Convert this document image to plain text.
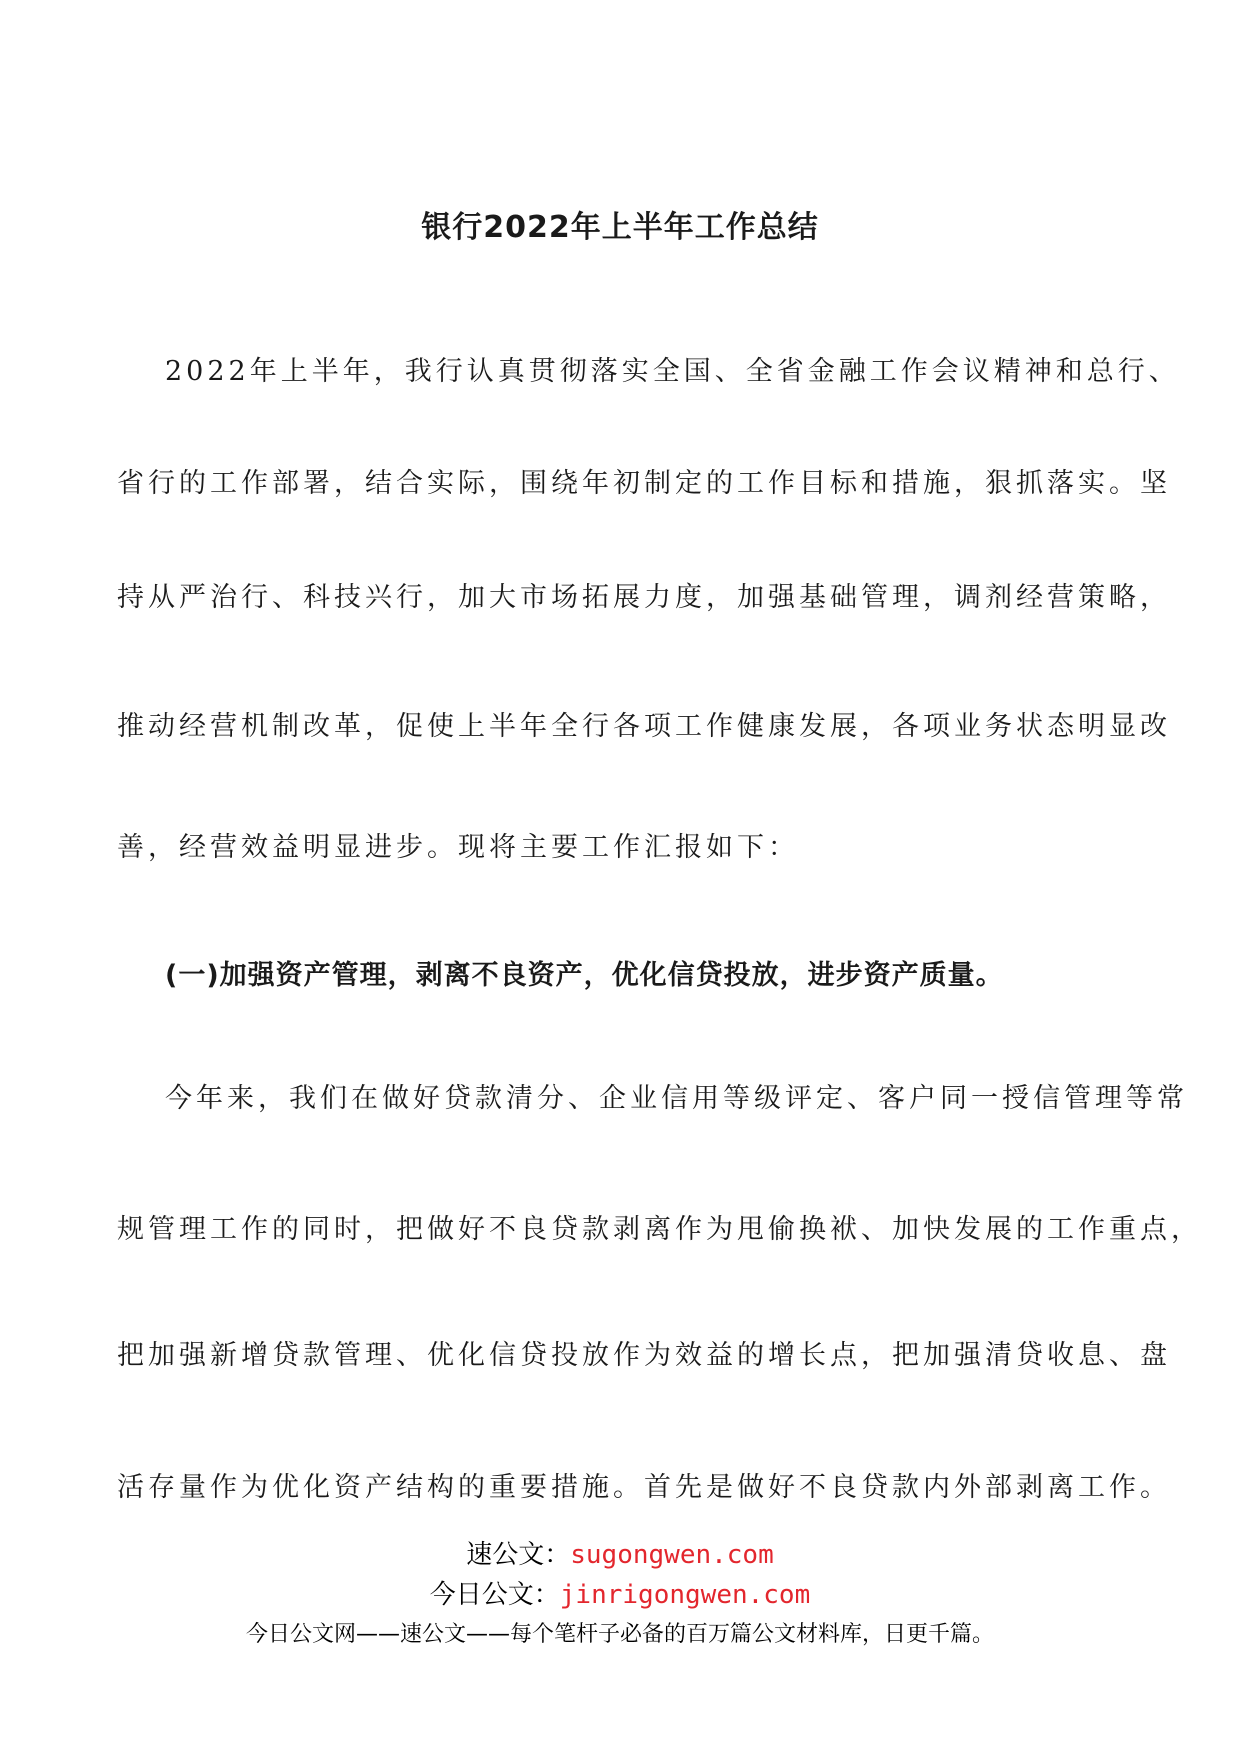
银行2022年上半年工作总结
2022年上半年，我行认真贯彻落实全国、全省金融工作会议精神和总行、
省行的工作部署，结合实际，围绕年初制定的工作目标和措施，狠抓落实。坚
持从严治行、科技兴行，加大市场拓展力度，加强基础管理，调剂经营策略，
推动经营机制改革，促使上半年全行各项工作健康发展，各项业务状态明显改
善，经营效益明显进步。现将主要工作汇报如下：
(一)加强资产管理，剥离不良资产，优化信贷投放，进步资产质量。
今年来，我们在做好贷款清分、企业信用等级评定、客户同一授信管理等常
规管理工作的同时，把做好不良贷款剥离作为甩偷换袱、加快发展的工作重点，
把加强新增贷款管理、优化信贷投放作为效益的增长点，把加强清贷收息、盘
活存量作为优化资产结构的重要措施。首先是做好不良贷款内外部剥离工作。
速公文：sugongwen.com
今日公文：jinrigongwen.com
今日公文网——速公文——每个笔杆子必备的百万篇公文材料库，日更千篇。
